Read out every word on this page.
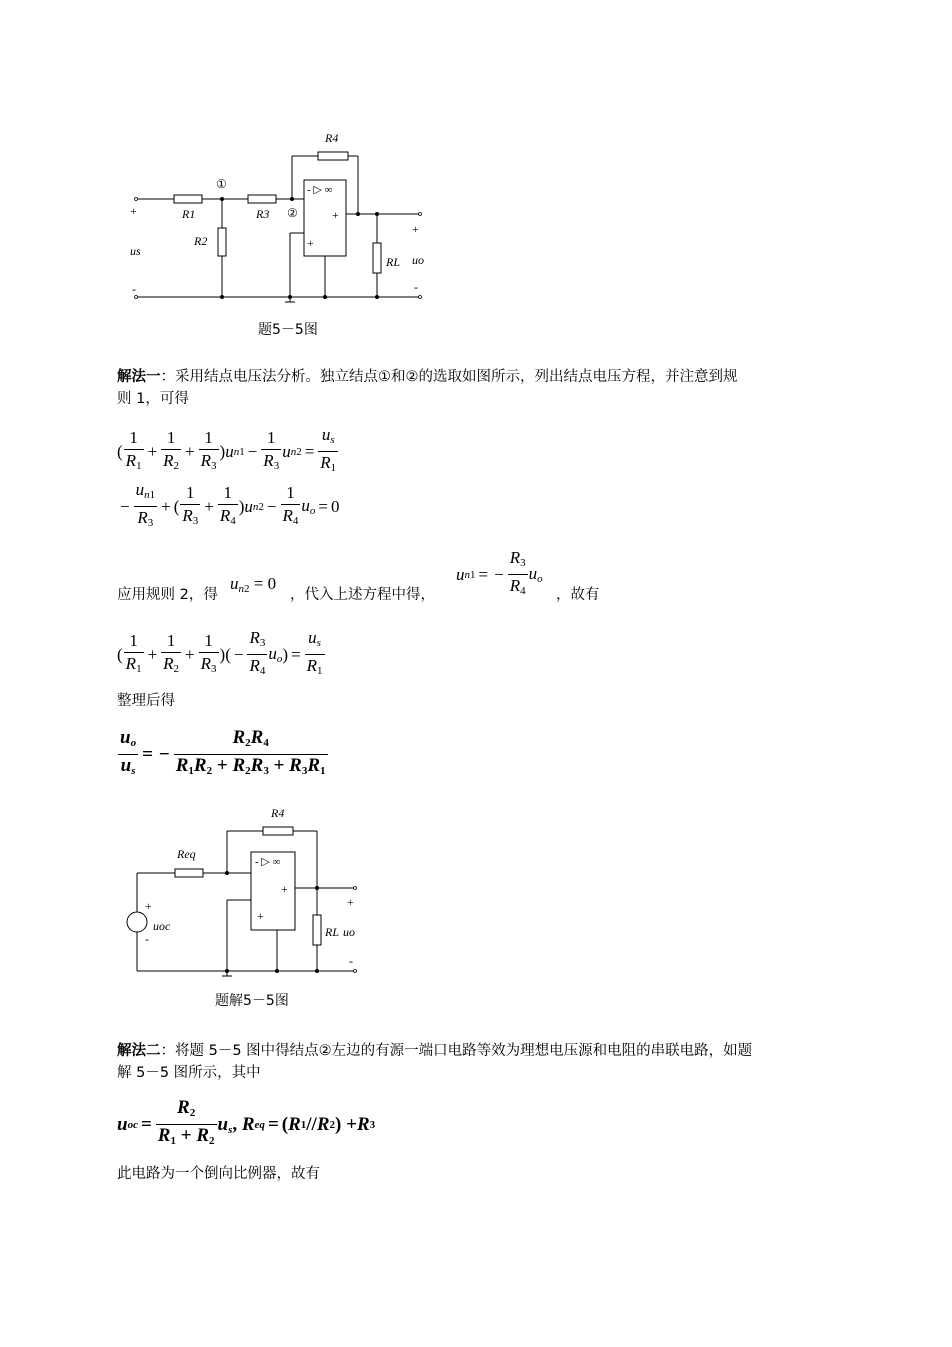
R4
①
R1	R3 ②
R2
+
us
-
- ▷ ∞
+
+
RL
+
uo
-
题5－5图
解法一：采用结点电压法分析。独立结点①和②的选取如图所示，列出结点电压方程，并注意到规
则 1，可得
( $\frac{1}{R_1} + \frac{1}{R_2} + \frac{1}{R_3}$ ) u $n1 - \frac{1}{R_3}$ u $n2 = \frac{u_s}{R_1}$
− $\frac{u_{n1}}{R_3}$ + ( $\frac{1}{R_3} + \frac{1}{R_4}$ ) u $n2 - \frac{1}{R_4} u_o = 0$
应用规则 2，得
$u_{n2} = 0$
，代入上述方程中得，
u n1 = − $\frac{R_3}{R_4} u_o$
，故有
( $\frac{1}{R_1} + \frac{1}{R_2} + \frac{1}{R_3}$ )( − $\frac{R_3}{R_4} u_o$ ) = $\frac{u_s}{R_1}$
整理后得
$\frac{u_o}{u_s}$ = − $\frac{R_2R_4}{R_1R_2 + R_2R_3 + R_3R_1}$
R4
Req
+
uoc
-
- ▷ ∞
+
+
RL
+
uo
-
题解5－5图
解法二：将题 5－5 图中得结点②左边的有源一端口电路等效为理想电压源和电阻的串联电路，如题
解 5－5 图所示，其中
u oc = $\frac{R_2}{R_1 + R_2} u_s$ , R eq = ( R 1 // R 2 ) + R 3
此电路为一个倒向比例器，故有
